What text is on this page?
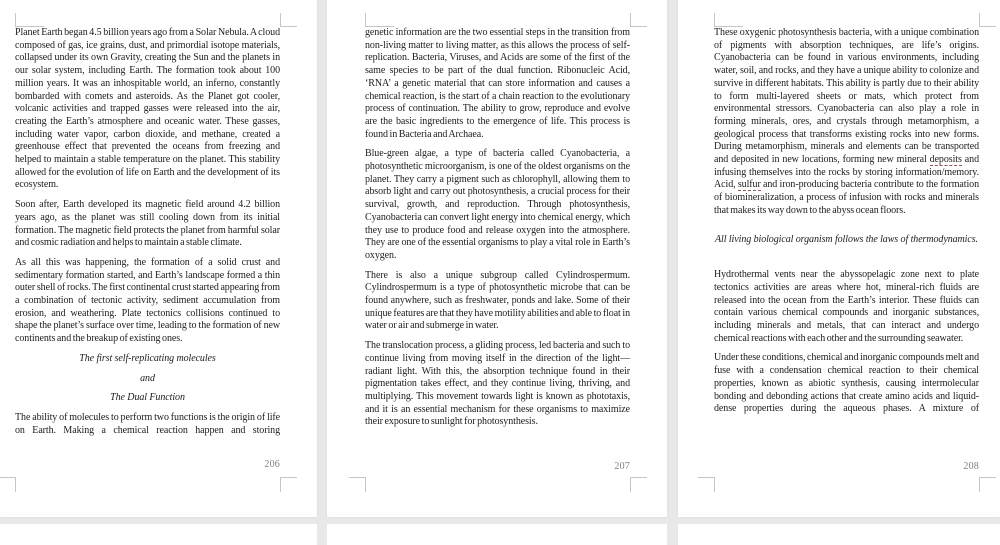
Planet Earth began 4.5 billion years ago from a Solar Nebula. A cloud composed of gas, ice grains, dust, and primordial isotope materials, collapsed under its own Gravity, creating the Sun and the planets in our solar system, including Earth. The formation took about 100 million years. It was an inhospitable world, an inferno, constantly bombarded with comets and asteroids. As the Planet got cooler, volcanic activities and trapped gasses were released into the air, creating the Earth’s atmosphere and oceanic water. These gasses, including water vapor, carbon dioxide, and methane, created a greenhouse effect that prevented the oceans from freezing and helped to maintain a stable temperature on the planet. This stability allowed for the evolution of life on Earth and the development of its ecosystem.

Soon after, Earth developed its magnetic field around 4.2 billion years ago, as the planet was still cooling down from its initial formation. The magnetic field protects the planet from harmful solar and cosmic radiation and helps to maintain a stable climate.

As all this was happening, the formation of a solid crust and sedimentary formation started, and Earth’s landscape formed a thin outer shell of rocks. The first continental crust started appearing from a combination of tectonic activity, sediment accumulation from erosion, and weathering. Plate tectonics collisions continued to shape the planet’s surface over time, leading to the formation of new continents and the breakup of existing ones.

The first self-replicating molecules

and

The Dual Function

The ability of molecules to perform two functions is the origin of life on Earth. Making a chemical reaction happen and storing

206

genetic information are the two essential steps in the transition from non-living matter to living matter, as this allows the process of self-replication. Bacteria, Viruses, and Acids are some of the first of the same species to be part of the dual function. Ribonucleic Acid, ‘RNA’ a genetic material that can store information and causes a chemical reaction, is the start of a chain reaction to the evolutionary process of continuation. The ability to grow, reproduce and evolve are the basic ingredients to the emergence of life. This process is found in Bacteria and Archaea.

Blue-green algae, a type of bacteria called Cyanobacteria, a photosynthetic microorganism, is one of the oldest organisms on the planet. They carry a pigment such as chlorophyll, allowing them to absorb light and carry out photosynthesis, a crucial process for their survival, growth, and reproduction. Through photosynthesis, Cyanobacteria can convert light energy into chemical energy, which they use to produce food and release oxygen into the atmosphere. They are one of the essential organisms to play a vital role in Earth’s oxygen.

There is also a unique subgroup called Cylindrospermum. Cylindrospermum is a type of photosynthetic microbe that can be found anywhere, such as freshwater, ponds and lake. Some of their unique features are that they have motility abilities and able to float in water or air and submerge in water.

The translocation process, a gliding process, led bacteria and such to continue living from moving itself in the direction of the light—radiant light. With this, the absorption technique found in their pigmentation takes effect, and they continue living, thriving, and multiplying. This movement towards light is known as phototaxis, and it is an essential mechanism for these organisms to maximize their exposure to sunlight for photosynthesis.

207

These oxygenic photosynthesis bacteria, with a unique combination of pigments with absorption techniques, are life’s origins. Cyanobacteria can be found in various environments, including water, soil, and rocks, and they have a unique ability to colonize and survive in different habitats. This ability is partly due to their ability to form multi-layered sheets or mats, which protect from environmental stressors. Cyanobacteria can also play a role in forming minerals, ores, and crystals through metamorphism, a geological process that transforms existing rocks into new forms. During metamorphism, minerals and elements can be transported and deposited in new locations, forming new mineral deposits and infusing themselves into the rocks by storing information/memory. Acid, sulfur and iron-producing bacteria contribute to the formation of biomineralization, a process of infusion with rocks and minerals that makes its way down to the abyss ocean floors.

All living biological organism follows the laws of thermodynamics.

Hydrothermal vents near the abyssopelagic zone next to plate tectonics activities are areas where hot, mineral-rich fluids are released into the ocean from the Earth’s interior. These fluids can contain various chemical compounds and inorganic substances, including minerals and metals, that can interact and undergo chemical reactions with each other and the surrounding seawater.

Under these conditions, chemical and inorganic compounds melt and fuse with a condensation chemical reaction to their chemical properties, known as abiotic synthesis, causing intermolecular bonding and debonding actions that create amino acids and liquid-dense properties during the aqueous phases. A mixture of

208
